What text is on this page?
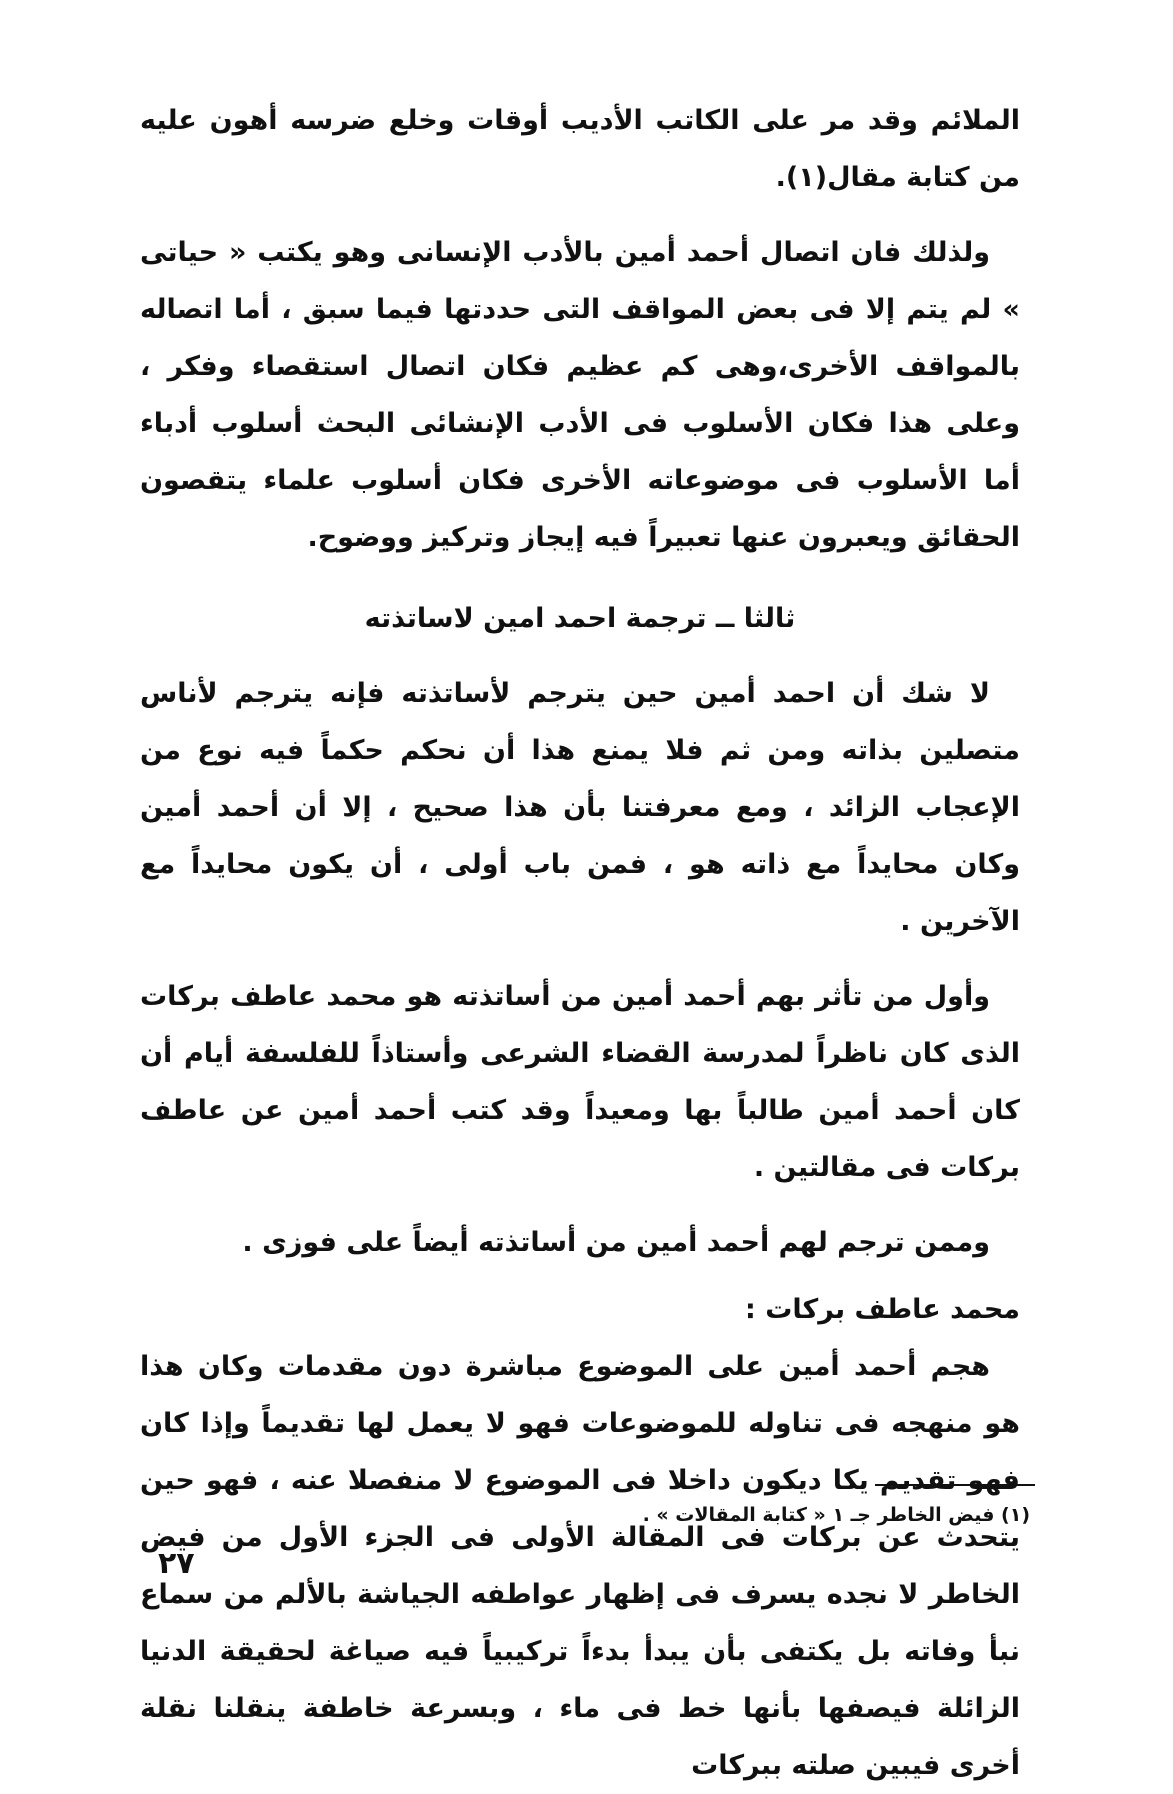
الملائم وقد مر على الكاتب الأديب أوقات وخلع ضرسه أهون عليه من كتابة مقال(١).

ولذلك فان اتصال أحمد أمين بالأدب الإنسانى وهو يكتب « حياتى » لم يتم إلا فى بعض المواقف التى حددتها فيما سبق ، أما اتصاله بالمواقف الأخرى،وهى كم عظيم فكان اتصال استقصاء وفكر ، وعلى هذا فكان الأسلوب فى الأدب الإنشائى البحث أسلوب أدباء أما الأسلوب فى موضوعاته الأخرى فكان أسلوب علماء يتقصون الحقائق ويعبرون عنها تعبيراً فيه إيجاز وتركيز ووضوح.

ثالثا ــ ترجمة احمد امين لاساتذته

لا شك أن احمد أمين حين يترجم لأساتذته فإنه يترجم لأناس متصلين بذاته ومن ثم فلا يمنع هذا أن نحكم حكماً فيه نوع من الإعجاب الزائد ، ومع معرفتنا بأن هذا صحيح ، إلا أن أحمد أمين وكان محايداً مع ذاته هو ، فمن باب أولى ، أن يكون محايداً مع الآخرين .

وأول من تأثر بهم أحمد أمين من أساتذته هو محمد عاطف بركات الذى كان ناظراً لمدرسة القضاء الشرعى وأستاذاً للفلسفة أيام أن كان أحمد أمين طالباً بها ومعيداً وقد كتب أحمد أمين عن عاطف بركات فى مقالتين .

وممن ترجم لهم أحمد أمين من أساتذته أيضاً على فوزى .

محمد عاطف بركات :

هجم أحمد أمين على الموضوع مباشرة دون مقدمات وكان هذا هو منهجه فى تناوله للموضوعات فهو لا يعمل لها تقديماً وإذا كان فهو تقديم يكا ديكون داخلا فى الموضوع لا منفصلا عنه ، فهو حين يتحدث عن بركات فى المقالة الأولى فى الجزء الأول من فيض الخاطر لا نجده يسرف فى إظهار عواطفه الجياشة بالألم من سماع نبأ وفاته بل يكتفى بأن يبدأ بدءاً تركيبياً فيه صياغة لحقيقة الدنيا الزائلة فيصفها بأنها خط فى ماء ، وبسرعة خاطفة ينقلنا نقلة أخرى فيبين صلته ببركات

(١) فيض الخاطر جـ ١ « كتابة المقالات » .
٢٧
